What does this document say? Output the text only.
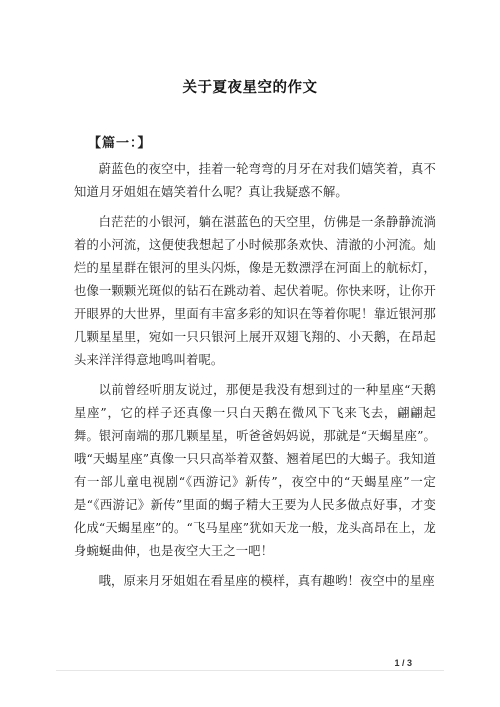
关于夏夜星空的作文

【篇一：】

蔚蓝色的夜空中，挂着一轮弯弯的月牙在对我们嬉笑着，真不知道月牙姐姐在嬉笑着什么呢？真让我疑惑不解。

白茫茫的小银河，躺在湛蓝色的天空里，仿佛是一条静静流淌着的小河流，这便使我想起了小时候那条欢快、清澈的小河流。灿烂的星星群在银河的里头闪烁，像是无数漂浮在河面上的航标灯，也像一颗颗光斑似的钻石在跳动着、起伏着呢。你快来呀，让你开开眼界的大世界，里面有丰富多彩的知识在等着你呢！靠近银河那几颗星星里，宛如一只只银河上展开双翅飞翔的、小天鹅，在昂起头来洋洋得意地鸣叫着呢。

以前曾经听朋友说过，那便是我没有想到过的一种星座“天鹅星座”，它的样子还真像一只白天鹅在微风下飞来飞去，翩翩起舞。银河南端的那几颗星星，听爸爸妈妈说，那就是“天蝎星座”。哦“天蝎星座”真像一只只高举着双螯、翘着尾巴的大蝎子。我知道有一部儿童电视剧“《西游记》新传”，夜空中的“天蝎星座”一定是“《西游记》新传”里面的蝎子精大王要为人民多做点好事，才变化成“天蝎星座”的。“飞马星座”犹如天龙一般，龙头高昂在上，龙身蜿蜒曲伸，也是夜空大王之一吧！

哦，原来月牙姐姐在看星座的模样，真有趣哟！夜空中的星座

1 / 3
